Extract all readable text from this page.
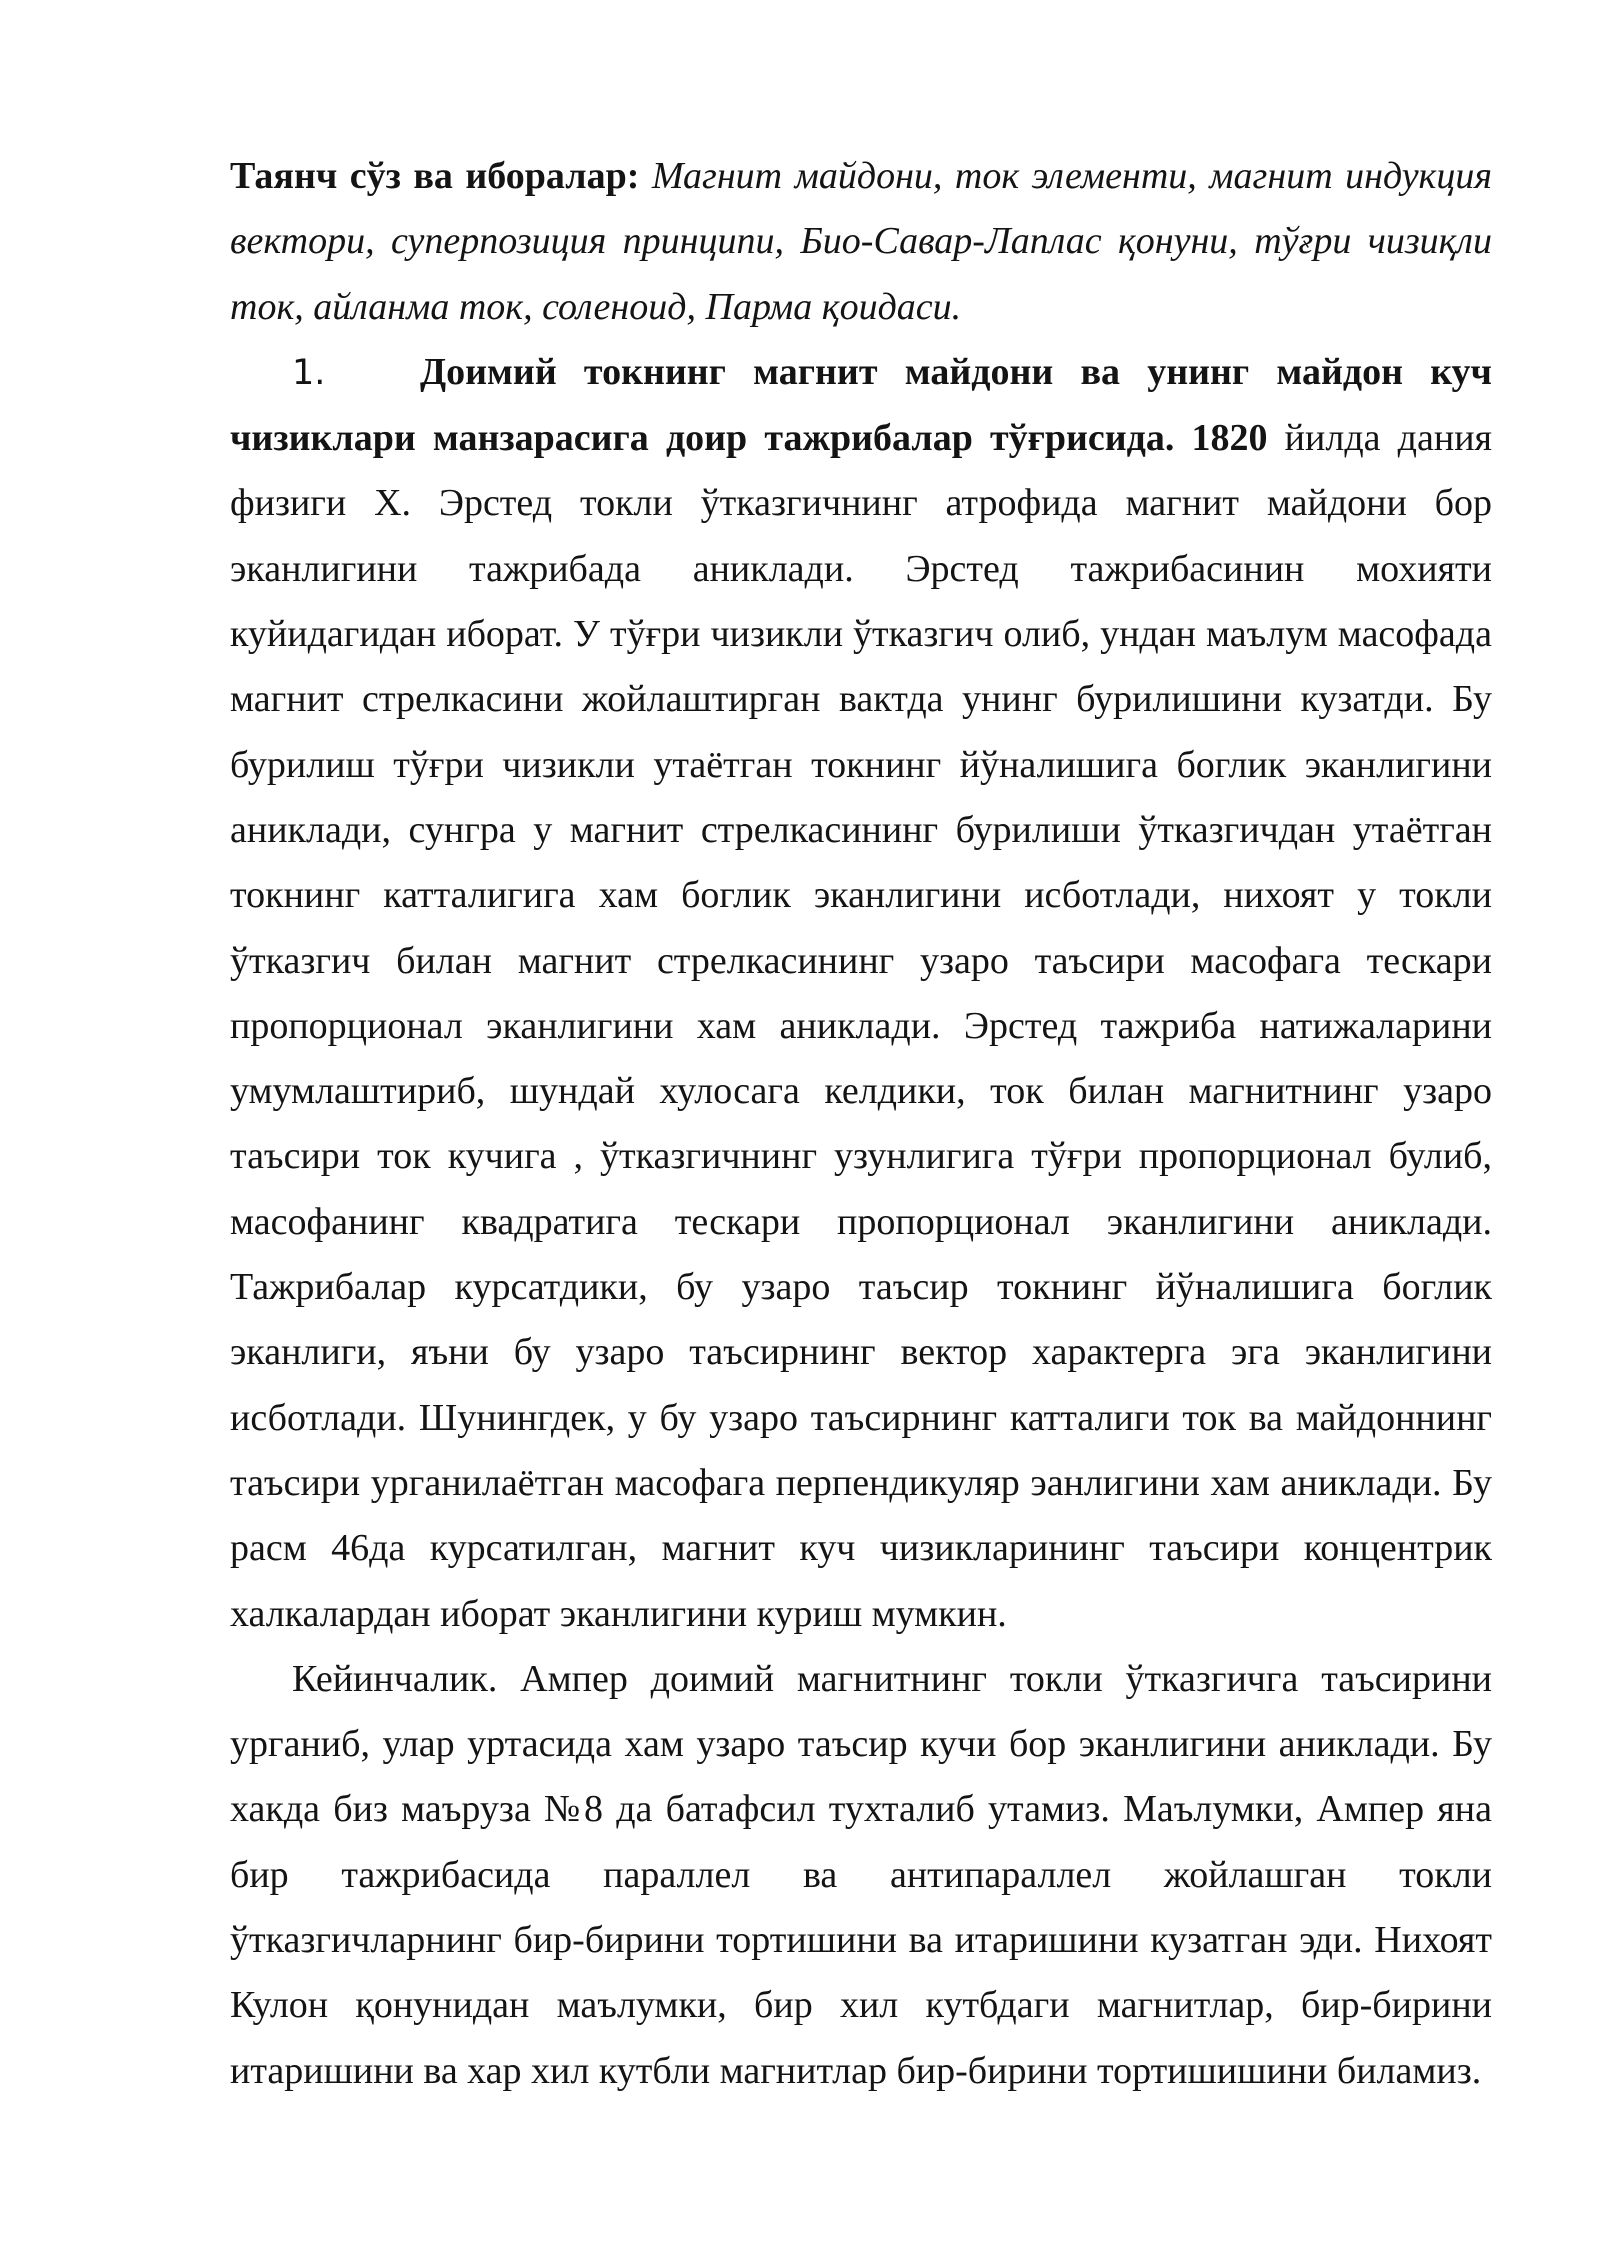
Таянч сўз ва иборалар: Магнит майдони, ток элементи, магнит индукция вектори, суперпозиция принципи, Био-Савар-Лаплас қонуни, тўғри чизиқли ток, айланма ток, соленоид, Парма қоидаси.

1.	Доимий токнинг магнит майдони ва унинг майдон куч

чизиклари манзарасига доир тажрибалар тўғрисида. 1820 йилда дания физиги Х. Эрстед токли ўтказгичнинг атрофида магнит майдони бор эканлигини тажрибада аниклади. Эрстед тажрибасинин мохияти куйидагидан иборат. У тўғри чизикли ўтказгич олиб, ундан маълум масофада магнит стрелкасини жойлаштирган вактда унинг бурилишини кузатди. Бу бурилиш тўғри чизикли утаётган токнинг йўналишига боглик эканлигини аниклади, сунгра у магнит стрелкасининг бурилиши ўтказгичдан утаётган токнинг катталигига хам боглик эканлигини исботлади, нихоят у токли ўтказгич билан магнит стрелкасининг узаро таъсири масофага тескари пропорционал эканлигини хам аниклади. Эрстед тажриба натижаларини умумлаштириб, шундай хулосага келдики, ток билан магнитнинг узаро таъсири ток кучига , ўтказгичнинг узунлигига тўғри пропорционал булиб, масофанинг квадратига тескари пропорционал эканлигини аниклади. Тажрибалар курсатдики, бу узаро таъсир токнинг йўналишига боглик эканлиги, яъни бу узаро таъсирнинг вектор характерга эга эканлигини исботлади. Шунингдек, у бу узаро таъсирнинг катталиги ток ва майдоннинг таъсири урганилаётган масофага перпендикуляр эанлигини хам аниклади. Бу расм 46да курсатилган, магнит куч чизикларининг таъсири концентрик халкалардан иборат эканлигини куриш мумкин.

Кейинчалик. Ампер доимий магнитнинг токли ўтказгичга таъсирини урганиб, улар уртасида хам узаро таъсир кучи бор эканлигини аниклади. Бу хакда биз маъруза №8 да батафсил тухталиб утамиз. Маълумки, Ампер яна бир тажрибасида параллел ва антипараллел жойлашган токли ўтказгичларнинг бир-бирини тортишини ва итаришини кузатган эди. Нихоят Кулон қонунидан маълумки, бир хил кутбдаги магнитлар, бир-бирини итаришини ва хар хил кутбли магнитлар бир-бирини тортишишини биламиз.
